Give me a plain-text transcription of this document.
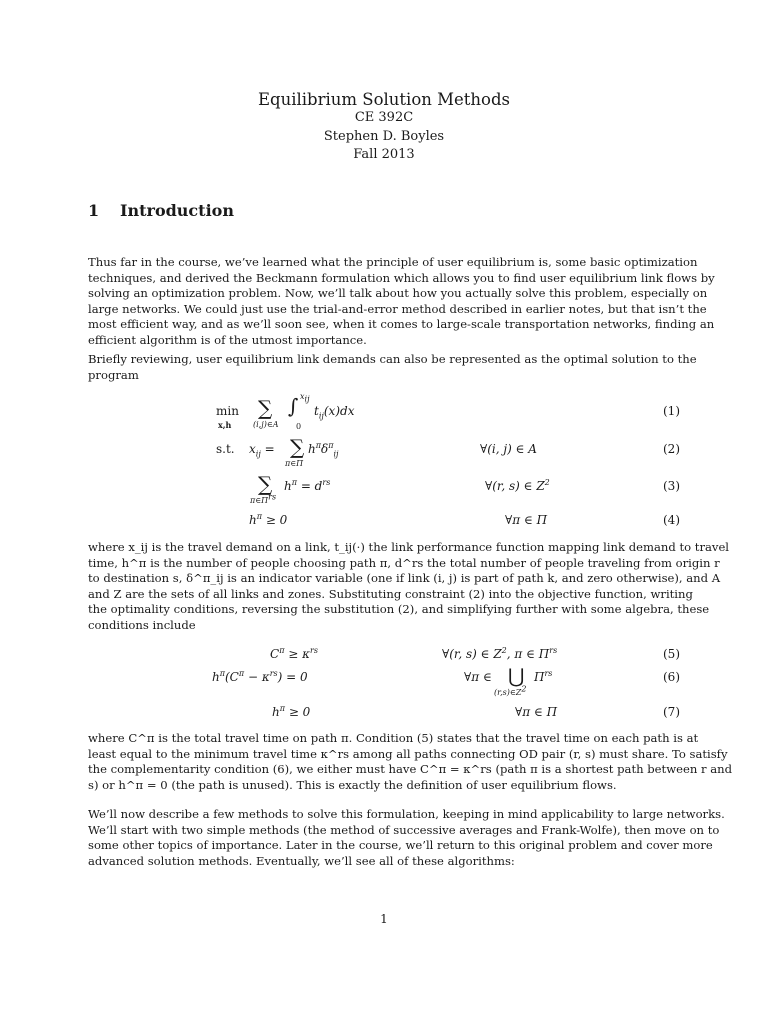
Equilibrium Solution Methods
CE 392C
Stephen D. Boyles
Fall 2013
1 Introduction
Thus far in the course, we’ve learned what the principle of user equilibrium is, some basic optimization
techniques, and derived the Beckmann formulation which allows you to find user equilibrium link flows by
solving an optimization problem. Now, we’ll talk about how you actually solve this problem, especially on
large networks. We could just use the trial-and-error method described in earlier notes, but that isn’t the
most efficient way, and as we’ll soon see, when it comes to large-scale transportation networks, finding an
efficient algorithm is of the utmost importance.
Briefly reviewing, user equilibrium link demands can also be represented as the optimal solution to the
program
min
x,h
∑
(i,j)∈A
∫ $x_{ij}$
0
$t_{ij}(x)dx$	(1)
s.t. $x_{ij}$ = ∑
π∈Π
$h^\pi\delta^\pi_{ij}$	∀(i, j) ∈ A	(2)
∑
$\pi\in\Pi^{rs}$
$h^\pi = d^{rs}$	∀(r, s) ∈ $Z^2$	(3)
$h^\pi \ge 0$	∀π ∈ Π	(4)
where x_ij is the travel demand on a link, t_ij(·) the link performance function mapping link demand to travel
time, h^π is the number of people choosing path π, d^rs the total number of people traveling from origin r
to destination s, δ^π_ij is an indicator variable (one if link (i, j) is part of path k, and zero otherwise), and A
and Z are the sets of all links and zones. Substituting constraint (2) into the objective function, writing
the optimality conditions, reversing the substitution (2), and simplifying further with some algebra, these
conditions include
$C^\pi \ge \kappa^{rs}$	∀(r, s) ∈ $Z^2$, π ∈ $\Pi^{rs}$	(5)
$h^\pi(C^\pi - \kappa^{rs}) = 0$	∀π ∈ ⋃
$(r,s)\in Z^2$
$\Pi^{rs}$	(6)
$h^\pi \ge 0$	∀π ∈ Π	(7)
where C^π is the total travel time on path π. Condition (5) states that the travel time on each path is at
least equal to the minimum travel time κ^rs among all paths connecting OD pair (r, s) must share. To satisfy
the complementarity condition (6), we either must have C^π = κ^rs (path π is a shortest path between r and
s) or h^π = 0 (the path is unused). This is exactly the definition of user equilibrium flows.
We’ll now describe a few methods to solve this formulation, keeping in mind applicability to large networks.
We’ll start with two simple methods (the method of successive averages and Frank-Wolfe), then move on to
some other topics of importance. Later in the course, we’ll return to this original problem and cover more
advanced solution methods. Eventually, we’ll see all of these algorithms:
1
